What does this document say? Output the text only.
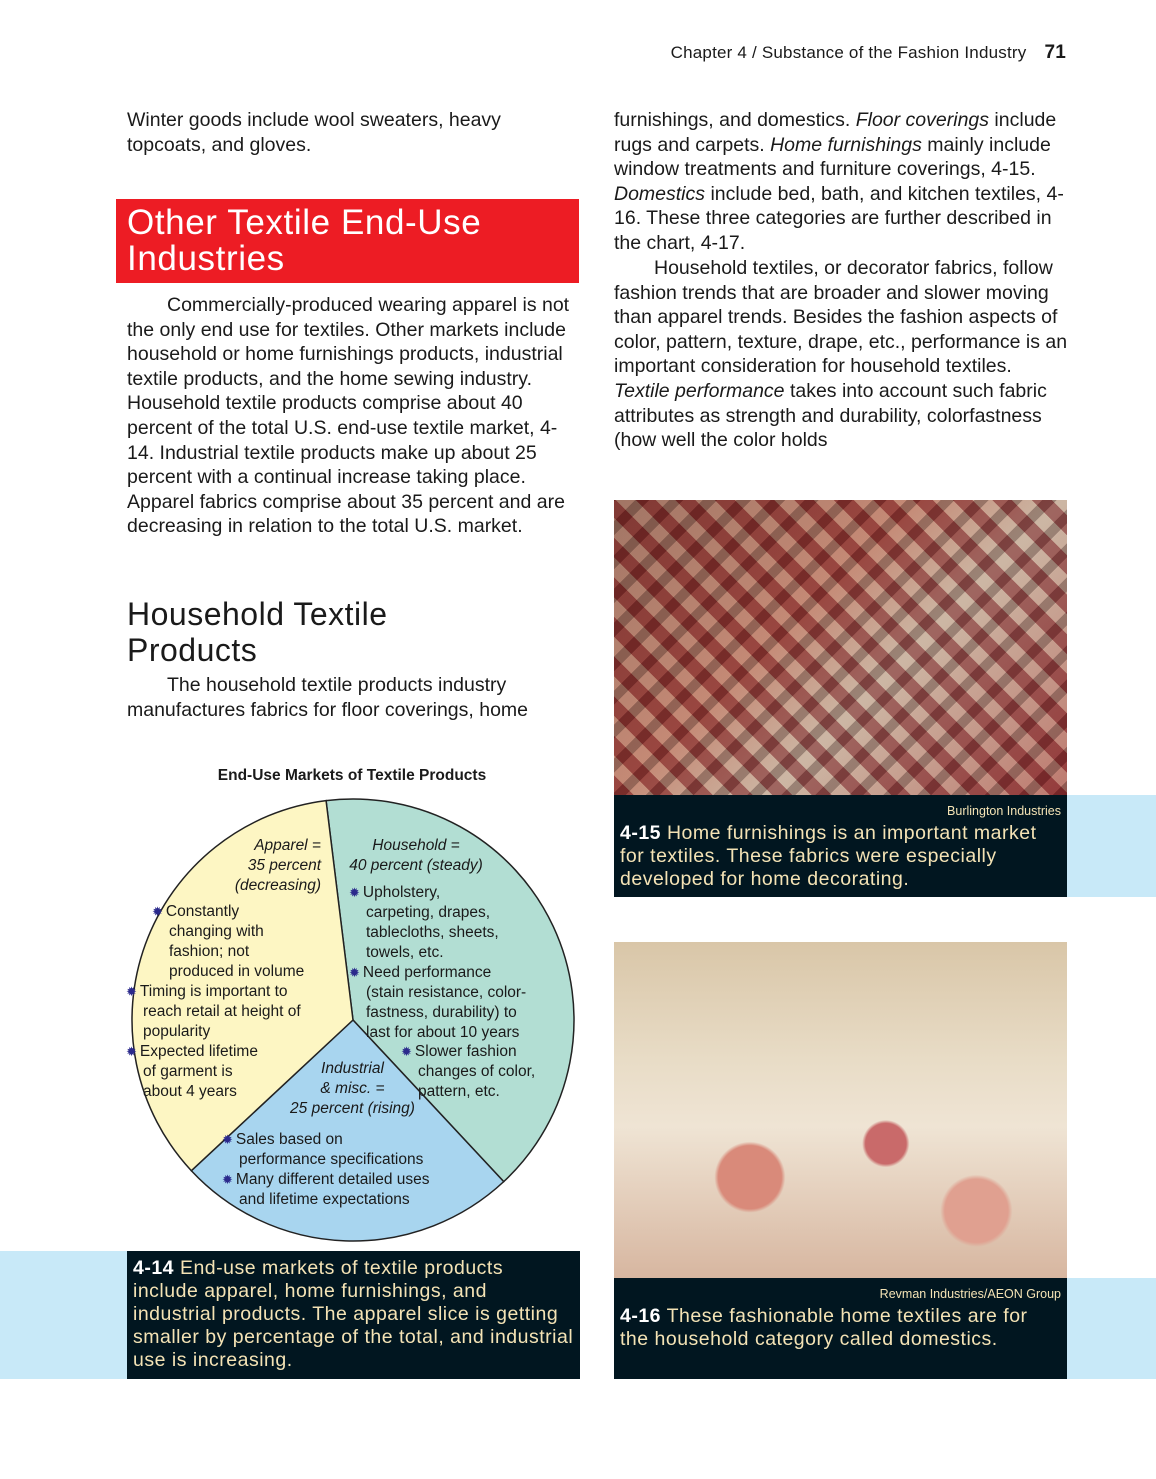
Chapter 4 / Substance of the Fashion Industry 71
Winter goods include wool sweaters, heavy topcoats, and gloves.
Other Textile End-Use Industries
Commercially-produced wearing apparel is not the only end use for textiles. Other markets include household or home furnishings products, industrial textile products, and the home sewing industry. Household textile products comprise about 40 percent of the total U.S. end-use textile market, 4-14. Industrial textile products make up about 25 percent with a continual increase taking place. Apparel fabrics comprise about 35 percent and are decreasing in relation to the total U.S. market.
Household Textile Products
The household textile products industry manufactures fabrics for floor coverings, home
furnishings, and domestics. Floor coverings include rugs and carpets. Home furnishings mainly include window treatments and furniture coverings, 4-15. Domestics include bed, bath, and kitchen textiles, 4-16. These three categories are further described in the chart, 4-17.
Household textiles, or decorator fabrics, follow fashion trends that are broader and slower moving than apparel trends. Besides the fashion aspects of color, pattern, texture, drape, etc., performance is an important consideration for household textiles. Textile performance takes into account such fabric attributes as strength and durability, colorfastness (how well the color holds
End-Use Markets of Textile Products
Household =
40 percent (steady)
✹ Upholstery,
carpeting, drapes,
tablecloths, sheets,
towels, etc.
✹ Need performance
(stain resistance, color-
fastness, durability) to
last for about 10 years
✹ Slower fashion
changes of color,
pattern, etc.
Industrial
& misc. =
25 percent (rising)
✹ Sales based on
performance specifications
✹ Many different detailed uses
and lifetime expectations
Apparel =
35 percent
(decreasing)
✹ Constantly
changing with
fashion; not
produced in volume
✹ Timing is important to
reach retail at height of
popularity
✹ Expected lifetime
of garment is
about 4 years
4-14 End-use markets of textile products include apparel, home furnishings, and industrial products. The apparel slice is getting smaller by percentage of the total, and industrial use is increasing.
Burlington Industries
4-15 Home furnishings is an important market for textiles. These fabrics were especially developed for home decorating.
Revman Industries/AEON Group
4-16 These fashionable home textiles are for the household category called domestics.
